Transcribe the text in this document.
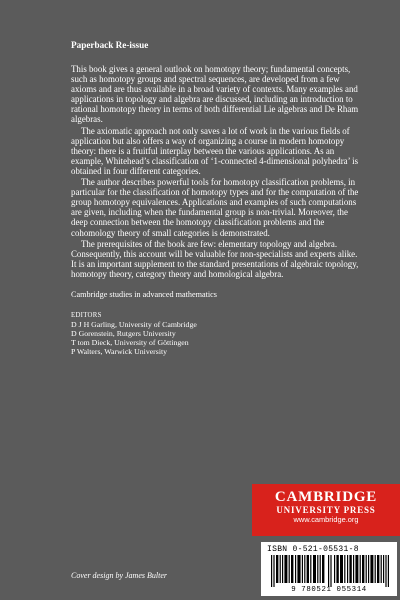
Paperback Re-issue

This book gives a general outlook on homotopy theory; fundamental concepts, such as homotopy groups and spectral sequences, are developed from a few axioms and are thus available in a broad variety of contexts. Many examples and applications in topology and algebra are discussed, including an introduction to rational homotopy theory in terms of both differential Lie algebras and De Rham algebras.

The axiomatic approach not only saves a lot of work in the various fields of application but also offers a way of organizing a course in modern homotopy theory: there is a fruitful interplay between the various applications. As an example, Whitehead’s classification of ‘1-connected 4-dimensional polyhedra’ is obtained in four different categories.

The author describes powerful tools for homotopy classification problems, in particular for the classification of homotopy types and for the computation of the group homotopy equivalences. Applications and examples of such computations are given, including when the fundamental group is non-trivial. Moreover, the deep connection between the homotopy classification problems and the cohomology theory of small categories is demonstrated.

The prerequisites of the book are few: elementary topology and algebra. Consequently, this account will be valuable for non-specialists and experts alike. It is an important supplement to the standard presentations of algebraic topology, homotopy theory, category theory and homological algebra.

Cambridge studies in advanced mathematics
EDITORS
D J H Garling, University of Cambridge
D Gorenstein, Rutgers University
T tom Dieck, University of Göttingen
P Walters, Warwick University
CAMBRIDGE
UNIVERSITY PRESS
www.cambridge.org
ISBN 0-521-05531-8
9 780521 055314
Cover design by James Bulter
